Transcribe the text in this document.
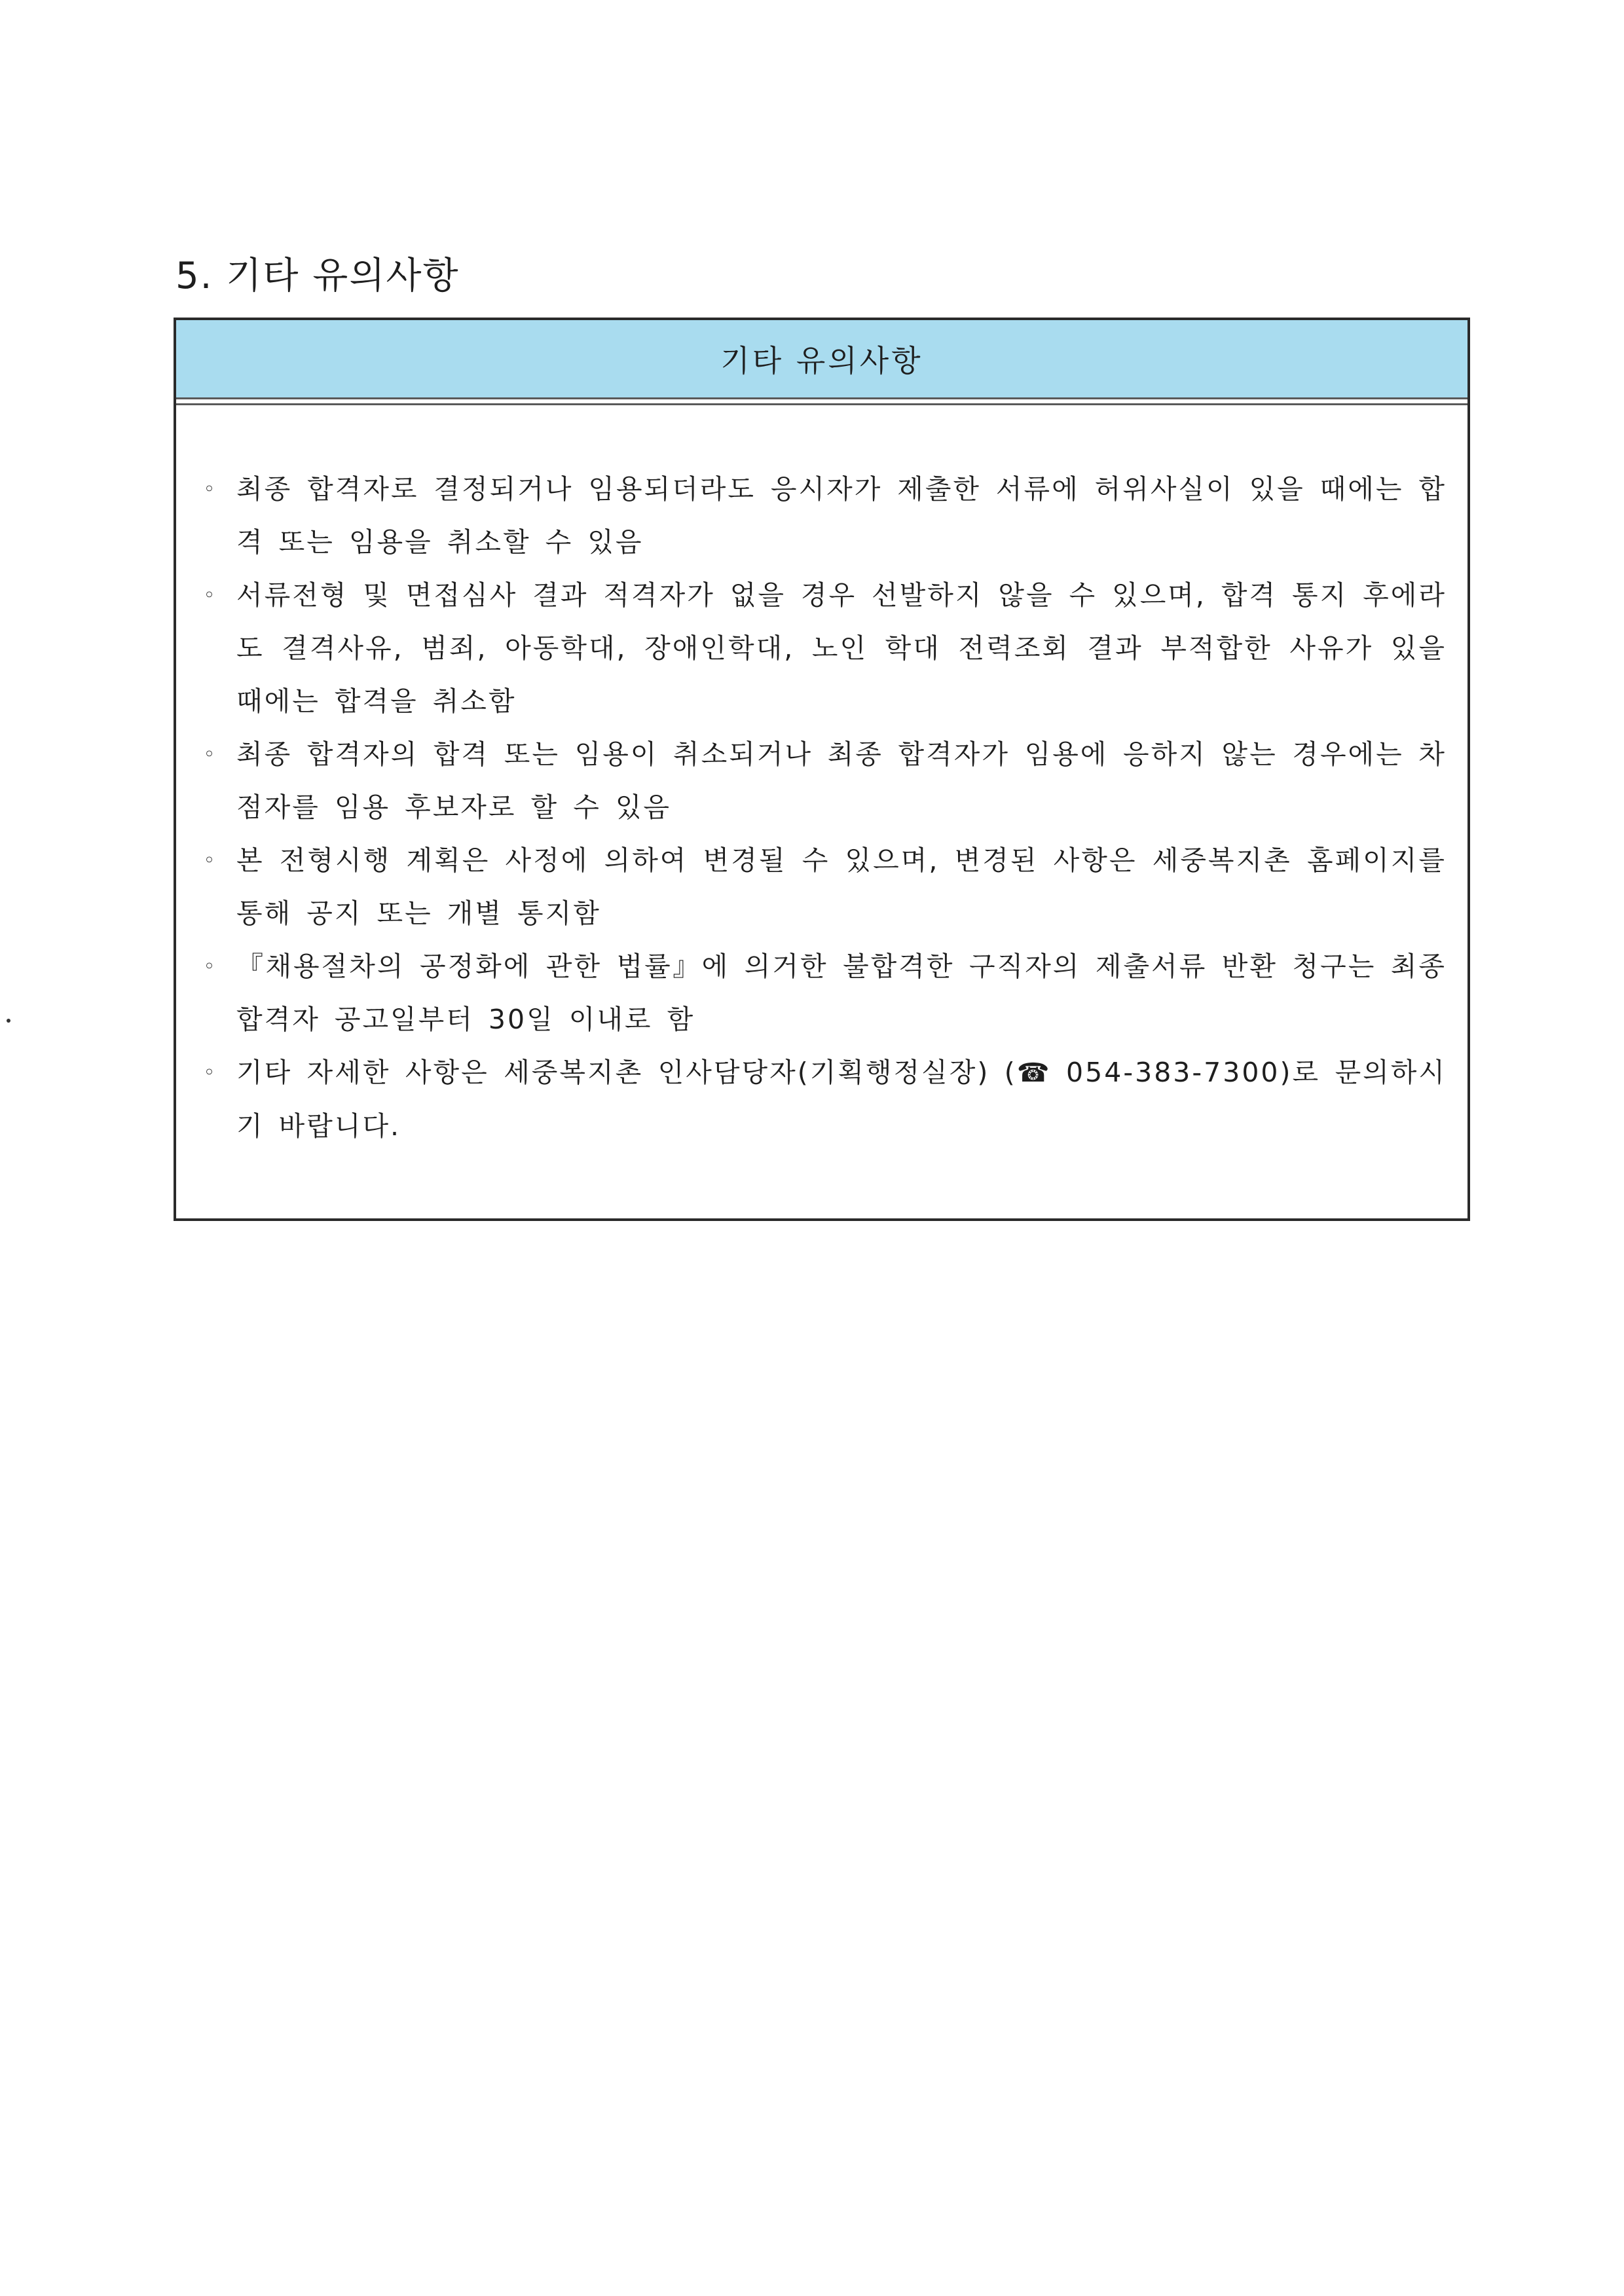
5. 기타 유의사항
기타 유의사항
◦ 최종 합격자로 결정되거나 임용되더라도 응시자가 제출한 서류에 허위사실이 있을 때에는 합격 또는 임용을 취소할 수 있음
◦ 서류전형 및 면접심사 결과 적격자가 없을 경우 선발하지 않을 수 있으며, 합격 통지 후에라도 결격사유, 범죄, 아동학대, 장애인학대, 노인 학대 전력조회 결과 부적합한 사유가 있을 때에는 합격을 취소함
◦ 최종 합격자의 합격 또는 임용이 취소되거나 최종 합격자가 임용에 응하지 않는 경우에는 차점자를 임용 후보자로 할 수 있음
◦ 본 전형시행 계획은 사정에 의하여 변경될 수 있으며, 변경된 사항은 세중복지촌 홈페이지를 통해 공지 또는 개별 통지함
◦ 『채용절차의 공정화에 관한 법률』에 의거한 불합격한 구직자의 제출서류 반환 청구는 최종 합격자 공고일부터 30일 이내로 함
◦ 기타 자세한 사항은 세중복지촌 인사담당자(기획행정실장) (☎ 054-383-7300)로 문의하시기 바랍니다.
